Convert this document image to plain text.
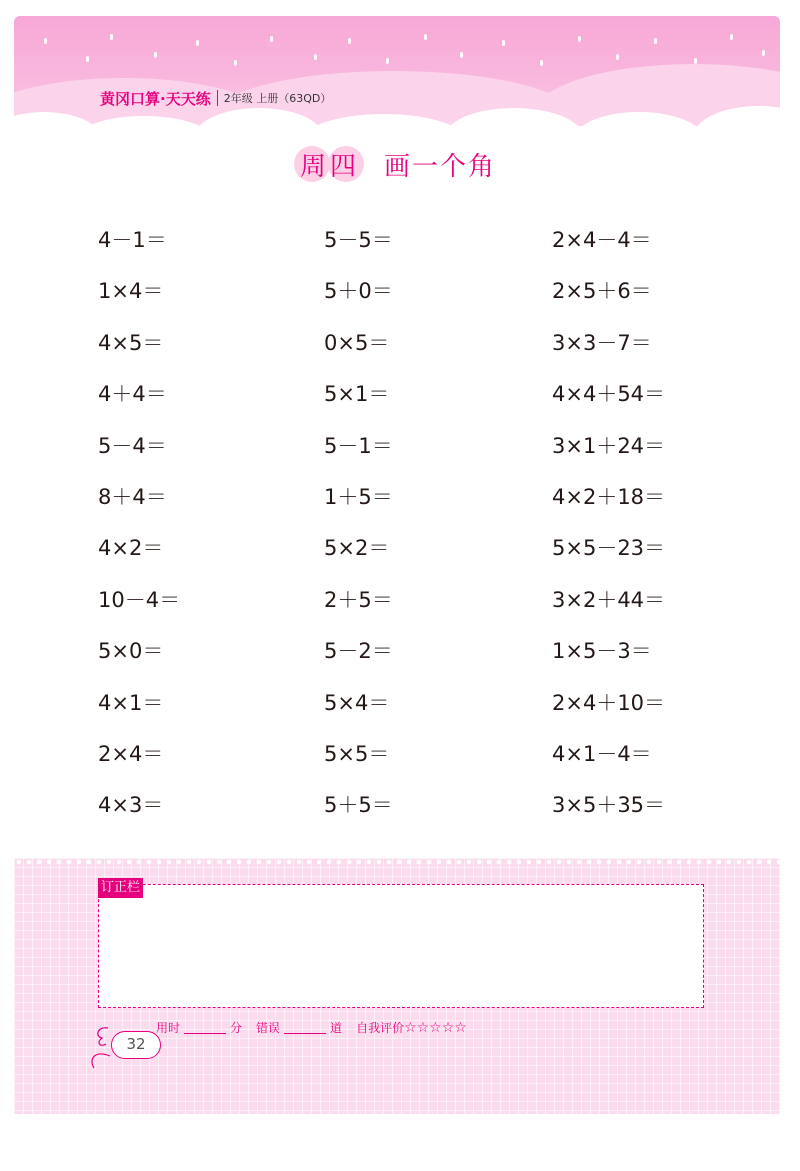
黄冈口算·天天练 2年级 上册（63QD）
周四 画一个角
4－1＝	5－5＝	2×4－4＝
1×4＝	5＋0＝	2×5＋6＝
4×5＝	0×5＝	3×3－7＝
4＋4＝	5×1＝	4×4＋54＝
5－4＝	5－1＝	3×1＋24＝
8＋4＝	1＋5＝	4×2＋18＝
4×2＝	5×2＝	5×5－23＝
10－4＝	2＋5＝	3×2＋44＝
5×0＝	5－2＝	1×5－3＝
4×1＝	5×4＝	2×4＋10＝
2×4＝	5×5＝	4×1－4＝
4×3＝	5＋5＝	3×5＋35＝
订正栏
用时	分 错误	道 自我评价 ☆☆☆☆☆
32
